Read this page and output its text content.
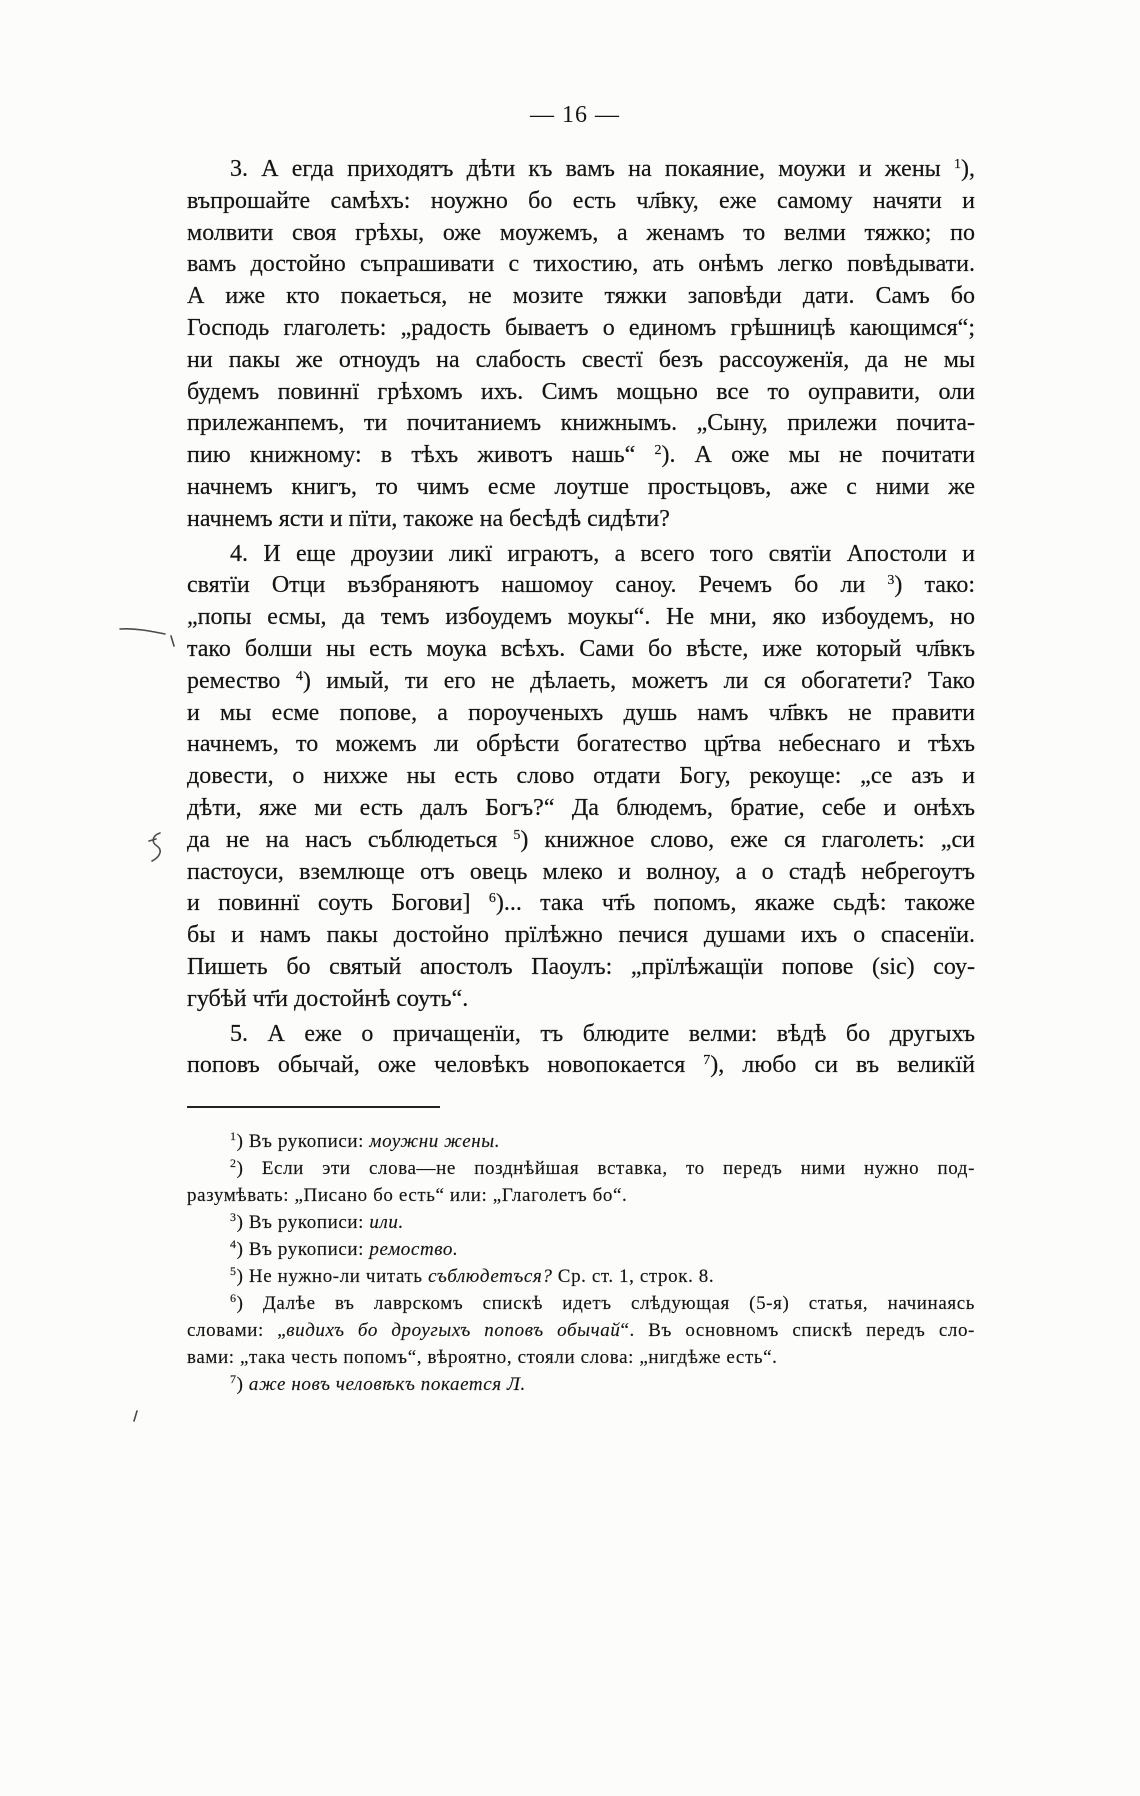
— 16 —
3. А егда приходятъ дѣти къ вамъ на покаяние, моужи и жены $^1$),
въпрошайте самѣхъ: ноужно бо есть чл҃вку, еже самому начяти и
молвити своя грѣхы, оже моужемъ, а женамъ то велми тяжко; по
вамъ достойно съпрашивати с тихостию, ать онѣмъ легко повѣдывати.
А иже кто покаеться, не мозите тяжки заповѣди дати. Самъ бо
Господь глаголеть: „радость бываетъ о единомъ грѣшницѣ кающимся“;
ни пакы же отноудъ на слабость свестї безъ рассоуженїя, да не мы
будемъ повиннї грѣхомъ ихъ. Симъ мощьно все то оуправити, оли
прилежанпемъ, ти почитаниемъ книжнымъ. „Сыну, прилежи почита-
пию книжному: в тѣхъ животъ нашь“ $^2$). А оже мы не почитати
начнемъ книгъ, то чимъ есме лоутше простьцовъ, аже с ними же
начнемъ ясти и пїти, такоже на бесѣдѣ сидѣти?
4. И еще дроузии ликї играютъ, а всего того святїи Апостоли и
святїи Отци възбраняютъ нашомоу саноу. Речемъ бо ли $^3$) тако:
„попы есмы, да темъ избоудемъ моукы“. Не мни, яко избоудемъ, но
тако болши ны есть моука всѣхъ. Сами бо вѣсте, иже который чл҃вкъ
ремество $^4$) имый, ти его не дѣлаеть, можетъ ли ся обогатети? Тако
и мы есме попове, а пороученыхъ душь намъ чл҃вкъ не правити
начнемъ, то можемъ ли обрѣсти богатество цр҃тва небеснаго и тѣхъ
довести, о нихже ны есть слово отдати Богу, рекоуще: „се азъ и
дѣти, яже ми есть далъ Богъ?“ Да блюдемъ, братие, себе и онѣхъ
да не на насъ съблюдеться $^5$) книжное слово, еже ся глаголеть: „си
пастоуси, вземлюще отъ овець млеко и волноу, а о стадѣ небрегоутъ
и повиннї соуть Богови] $^6$)... така чт҃ь попомъ, якаже сьдѣ: такоже
бы и намъ пакы достойно прїлѣжно печися душами ихъ о спасенїи.
Пишеть бо святый апостолъ Паоулъ: „прїлѣжащїи попове (sic) соу-
губѣй чт҃и достойнѣ соуть“.
5. А еже о причащенїи, тъ блюдите велми: вѣдѣ бо другыхъ
поповъ обычай, оже человѣкъ новопокается $^7$), любо си въ великїй
$^1$) Въ рукописи: моужни жены.
$^2$) Если эти слова—не позднѣйшая вставка, то передъ ними нужно под-
разумѣвать: „Писано бо есть“ или: „Глаголетъ бо“.
$^3$) Въ рукописи: или.
$^4$) Въ рукописи: ремоство.
$^5$) Не нужно-ли читать съблюдетъся? Ср. ст. 1, строк. 8.
$^6$) Далѣе въ лаврскомъ спискѣ идетъ слѣдующая (5-я) статья, начинаясь
словами: „видихъ бо дроугыхъ поповъ обычай“. Въ основномъ спискѣ передъ сло-
вами: „така честь попомъ“, вѣроятно, стояли слова: „нигдѣже есть“.
$^7$) аже новъ человѣкъ покается Л.
